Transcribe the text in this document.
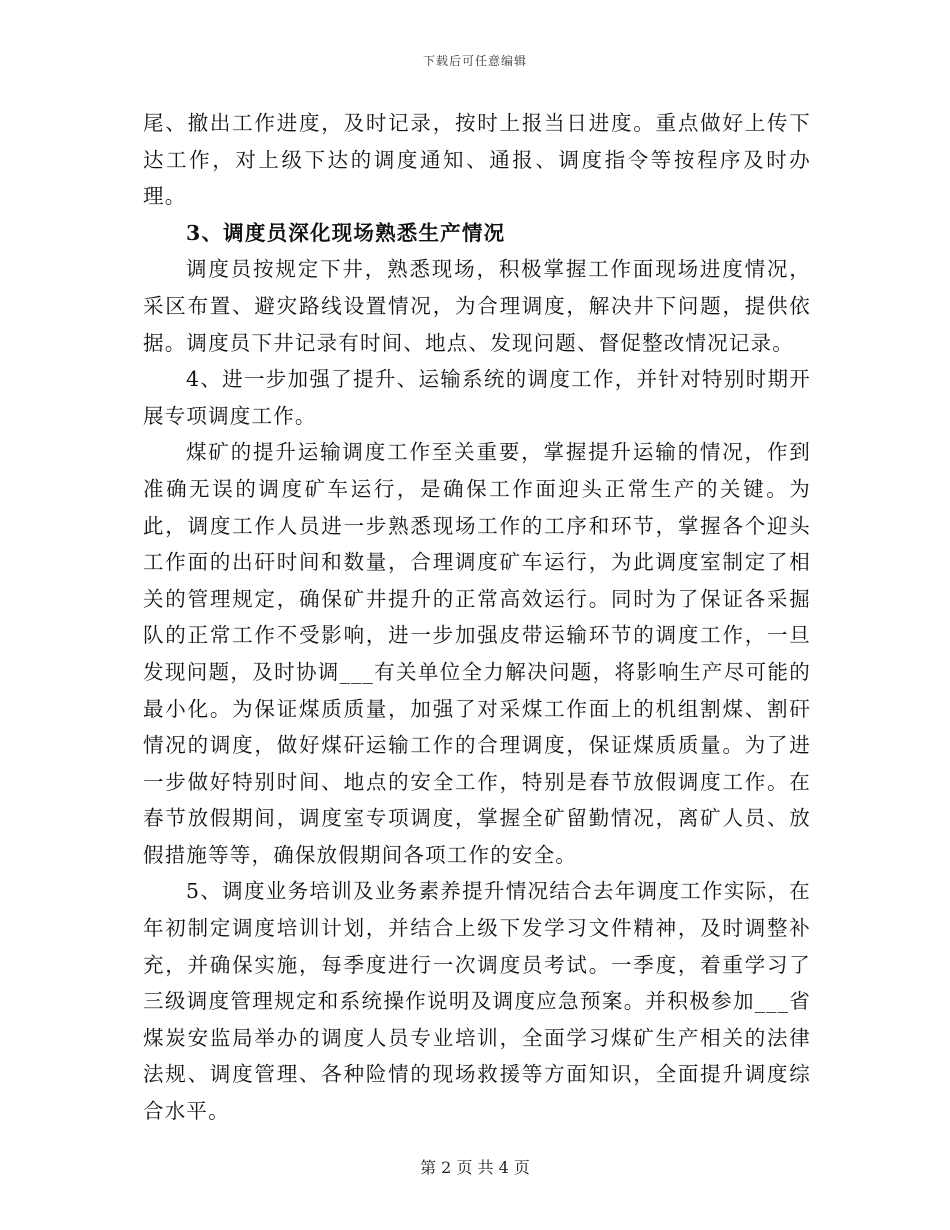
下载后可任意编辑

尾、撤出工作进度，及时记录，按时上报当日进度。重点做好上传下达工作，对上级下达的调度通知、通报、调度指令等按程序及时办理。

3、调度员深化现场熟悉生产情况

调度员按规定下井，熟悉现场，积极掌握工作面现场进度情况，采区布置、避灾路线设置情况，为合理调度，解决井下问题，提供依据。调度员下井记录有时间、地点、发现问题、督促整改情况记录。

4、进一步加强了提升、运输系统的调度工作，并针对特别时期开展专项调度工作。

煤矿的提升运输调度工作至关重要，掌握提升运输的情况，作到准确无误的调度矿车运行，是确保工作面迎头正常生产的关键。为此，调度工作人员进一步熟悉现场工作的工序和环节，掌握各个迎头工作面的出矸时间和数量，合理调度矿车运行，为此调度室制定了相关的管理规定，确保矿井提升的正常高效运行。同时为了保证各采掘队的正常工作不受影响，进一步加强皮带运输环节的调度工作，一旦发现问题，及时协调___有关单位全力解决问题，将影响生产尽可能的最小化。为保证煤质质量，加强了对采煤工作面上的机组割煤、割矸情况的调度，做好煤矸运输工作的合理调度，保证煤质质量。为了进一步做好特别时间、地点的安全工作，特别是春节放假调度工作。在春节放假期间，调度室专项调度，掌握全矿留勤情况，离矿人员、放假措施等等，确保放假期间各项工作的安全。

5、调度业务培训及业务素养提升情况结合去年调度工作实际，在年初制定调度培训计划，并结合上级下发学习文件精神，及时调整补充，并确保实施，每季度进行一次调度员考试。一季度，着重学习了三级调度管理规定和系统操作说明及调度应急预案。并积极参加___省煤炭安监局举办的调度人员专业培训，全面学习煤矿生产相关的法律法规、调度管理、各种险情的现场救援等方面知识，全面提升调度综合水平。

第 2 页 共 4 页
